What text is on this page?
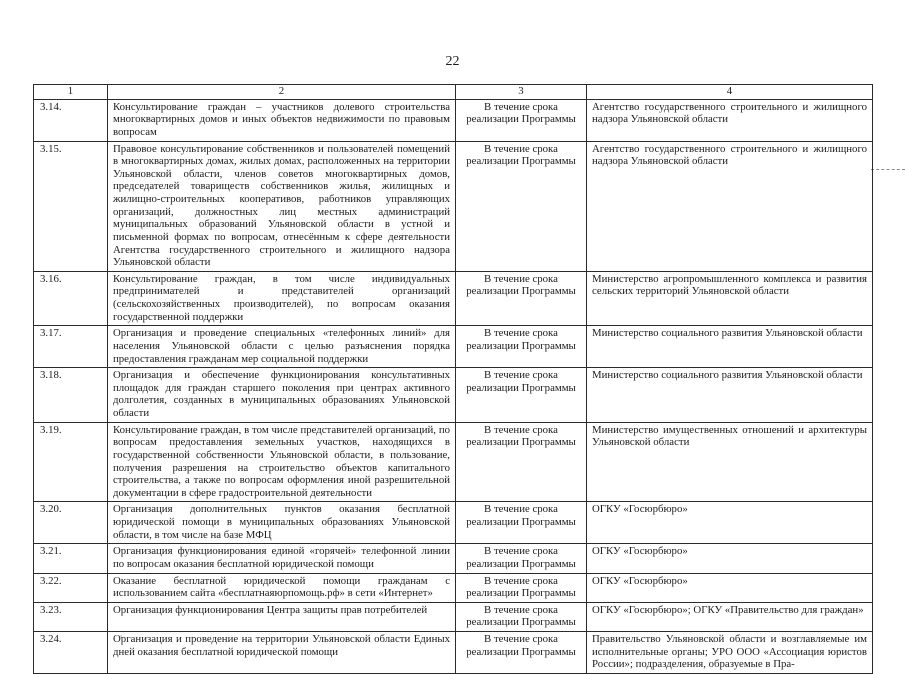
22
1	2	3	4
3.14.	Консультирование граждан – участников долевого строительства многоквартирных домов и иных объектов недвижимости по правовым вопросам	В течение срока реализации Программы	Агентство государственного строительного и жилищного надзора Ульяновской области
3.15.	Правовое консультирование собственников и пользователей помещений в многоквартирных домах, жилых домах, расположенных на территории Ульяновской области, членов советов многоквартирных домов, председателей товариществ собственников жилья, жилищных и жилищно-строительных кооперативов, работников управляющих организаций, должностных лиц местных администраций муниципальных образований Ульяновской области в устной и письменной формах по вопросам, отнесённым к сфере деятельности Агентства государственного строительного и жилищного надзора Ульяновской области	В течение срока реализации Программы	Агентство государственного строительного и жилищного надзора Ульяновской области
3.16.	Консультирование граждан, в том числе индивидуальных предпринимателей и представителей организаций (сельскохозяйственных производителей), по вопросам оказания государственной поддержки	В течение срока реализации Программы	Министерство агропромышленного комплекса и развития сельских территорий Ульяновской области
3.17.	Организация и проведение специальных «телефонных линий» для населения Ульяновской области с целью разъяснения порядка предоставления гражданам мер социальной поддержки	В течение срока реализации Программы	Министерство социального развития Ульяновской области
3.18.	Организация и обеспечение функционирования консультативных площадок для граждан старшего поколения при центрах активного долголетия, созданных в муниципальных образованиях Ульяновской области	В течение срока реализации Программы	Министерство социального развития Ульяновской области
3.19.	Консультирование граждан, в том числе представителей организаций, по вопросам предоставления земельных участков, находящихся в государственной собственности Ульяновской области, в пользование, получения разрешения на строительство объектов капитального строительства, а также по вопросам оформления иной разрешительной документации в сфере градостроительной деятельности	В течение срока реализации Программы	Министерство имущественных отношений и архитектуры Ульяновской области
3.20.	Организация дополнительных пунктов оказания бесплатной юридической помощи в муниципальных образованиях Ульяновской области, в том числе на базе МФЦ	В течение срока реализации Программы	ОГКУ «Госюрбюро»
3.21.	Организация функционирования единой «горячей» телефонной линии по вопросам оказания бесплатной юридической помощи	В течение срока реализации Программы	ОГКУ «Госюрбюро»
3.22.	Оказание бесплатной юридической помощи гражданам с использованием сайта «бесплатнаяюрпомощь.рф» в сети «Интернет»	В течение срока реализации Программы	ОГКУ «Госюрбюро»
3.23.	Организация функционирования Центра защиты прав потребителей	В течение срока реализации Программы	ОГКУ «Госюрбюро»; ОГКУ «Правительство для граждан»
3.24.	Организация и проведение на территории Ульяновской области Единых дней оказания бесплатной юридической помощи	В течение срока реализации Программы	Правительство Ульяновской области и возглавляемые им исполнительные органы; УРО ООО «Ассоциация юристов России»; подразделения, образуемые в Пра-
